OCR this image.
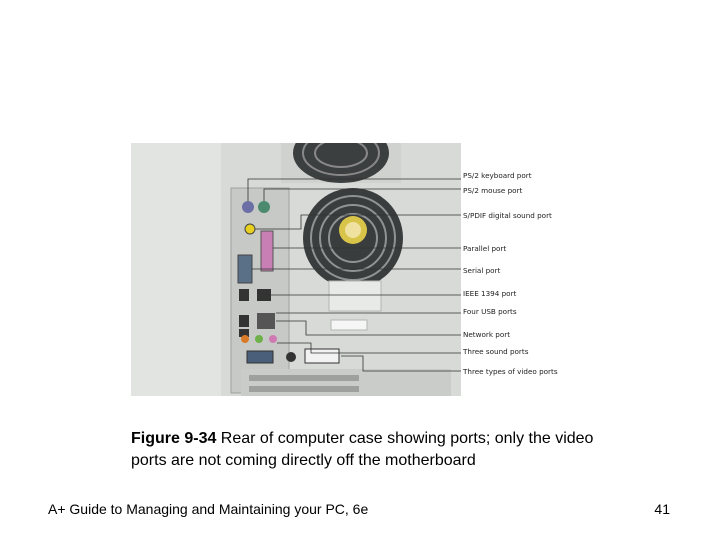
PS/2 keyboard port
PS/2 mouse port
S/PDIF digital sound port
Parallel port
Serial port
IEEE 1394 port
Four USB ports
Network port
Three sound ports
Three types of video ports
Figure 9-34 Rear of computer case showing ports; only the video ports are not coming directly off the motherboard
A+ Guide to Managing and Maintaining your PC, 6e	41
